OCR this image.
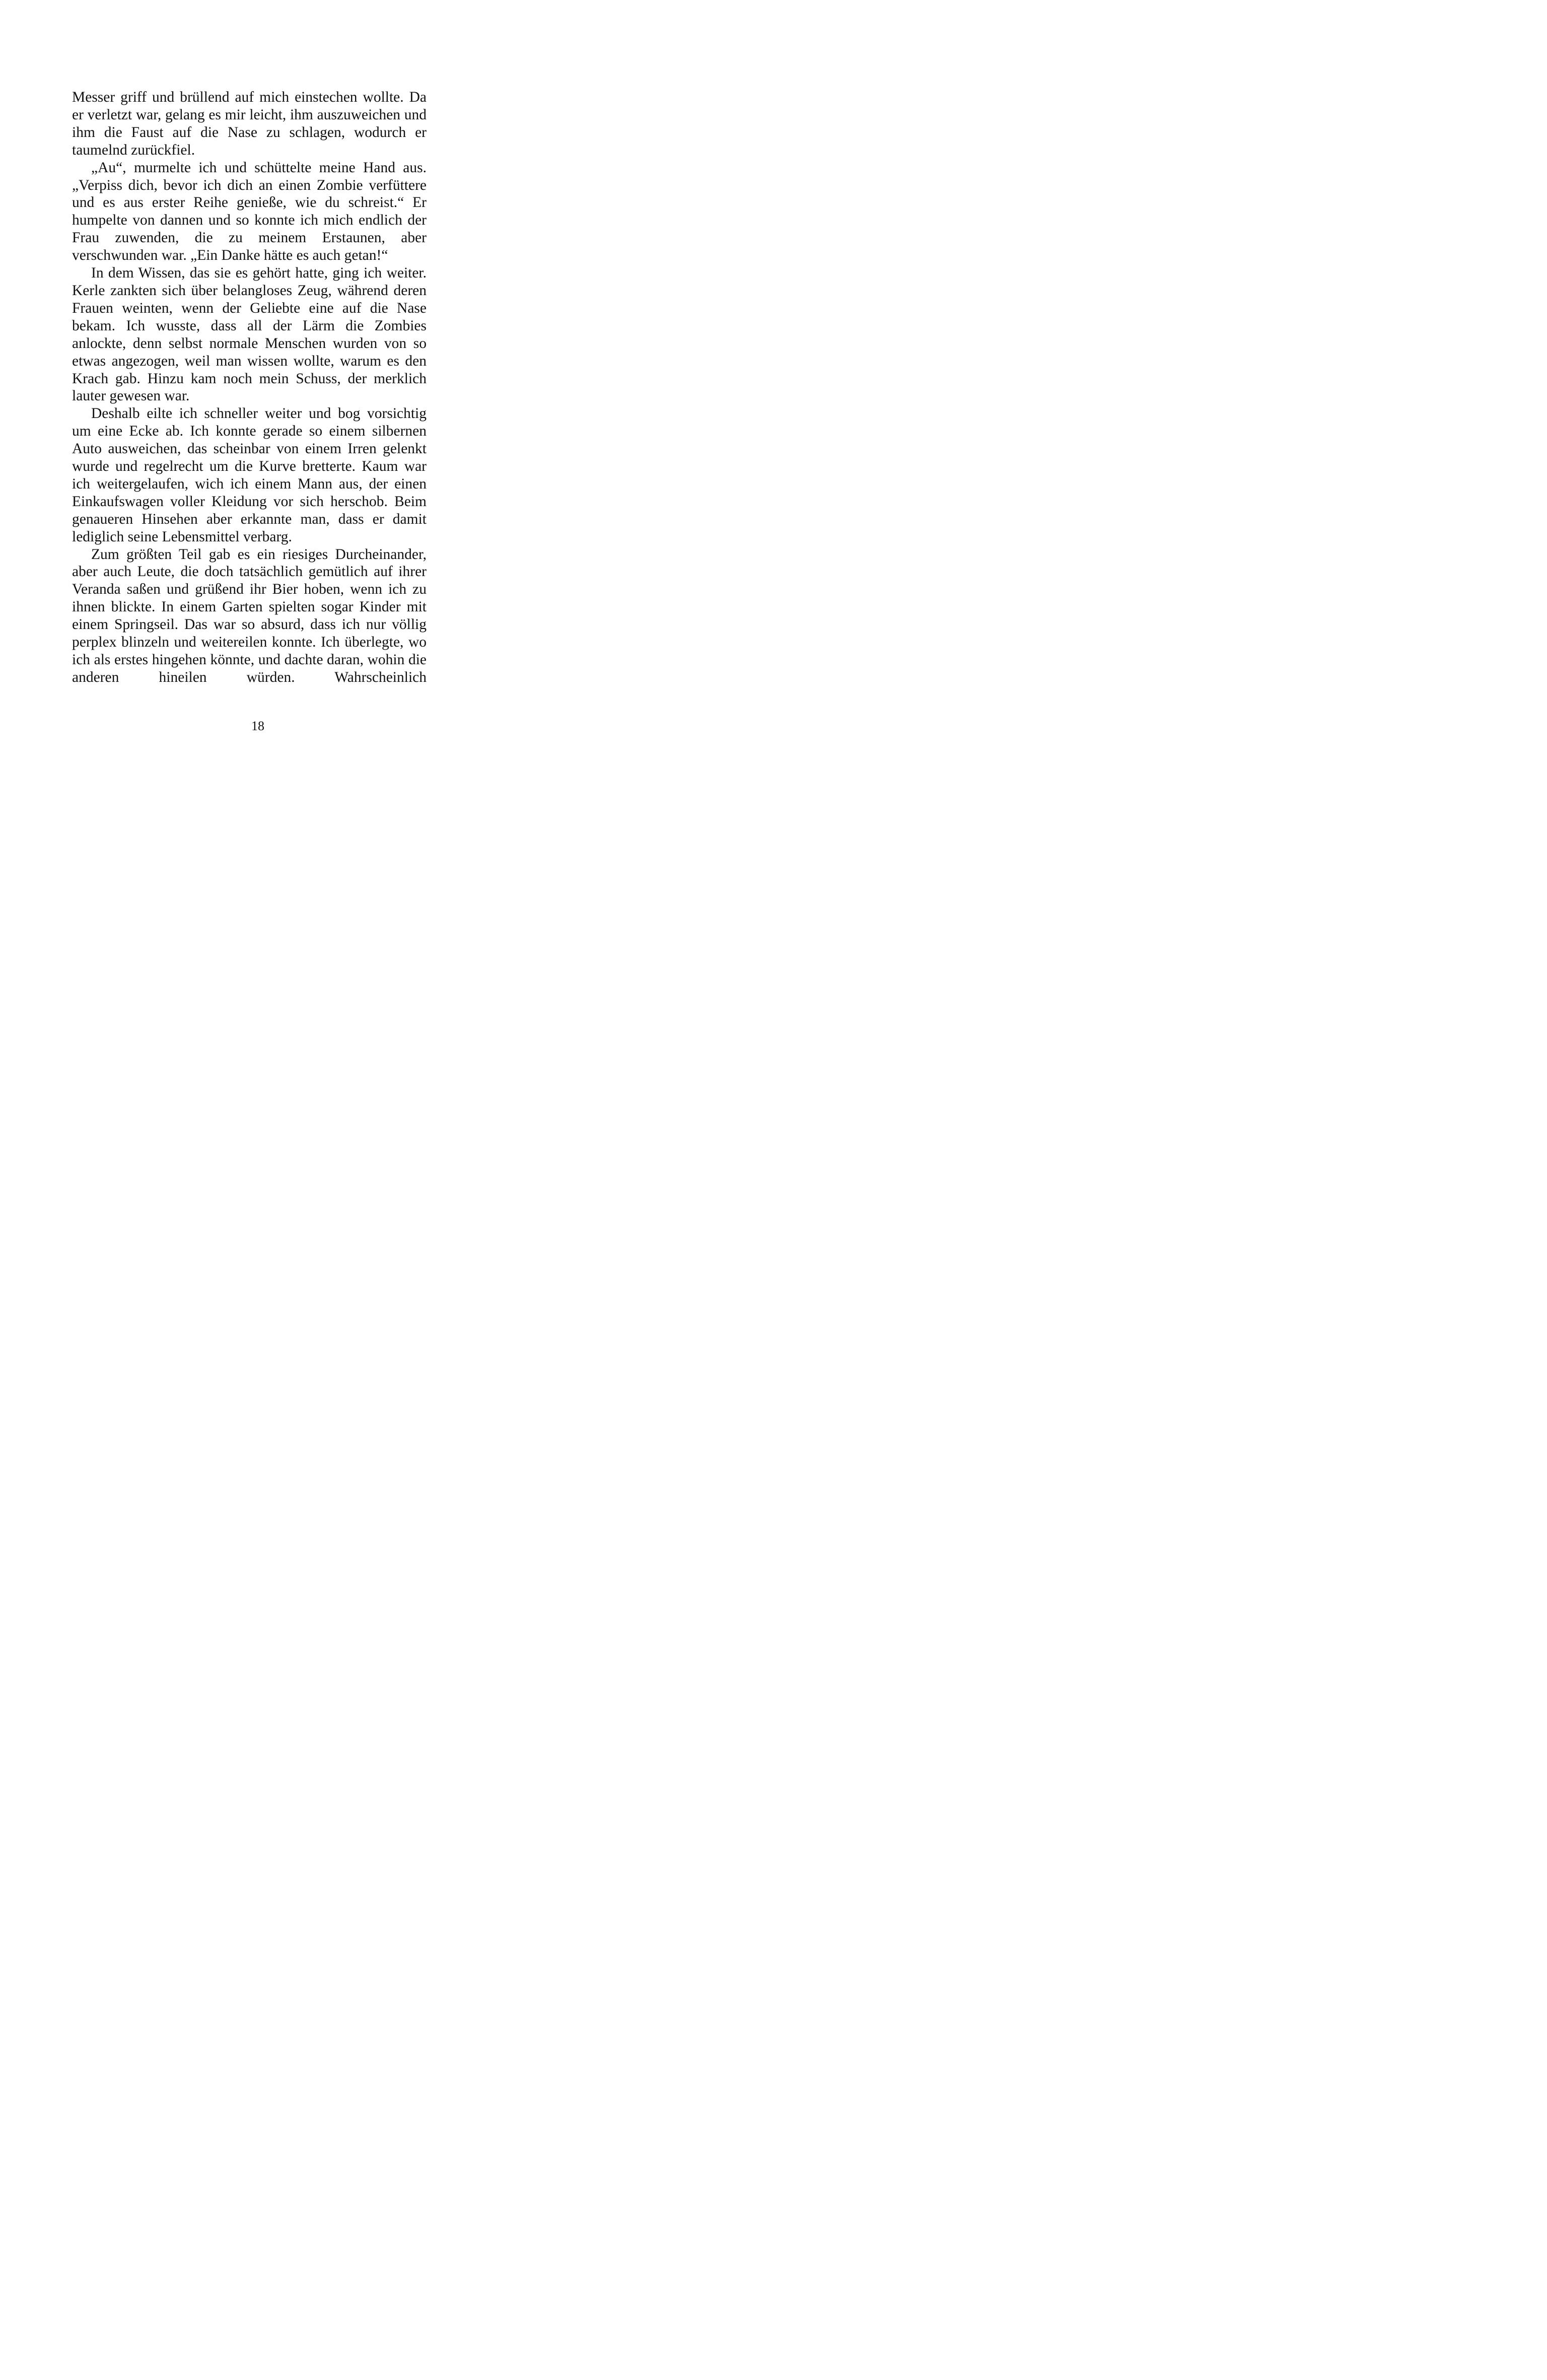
Messer griff und brüllend auf mich einstechen wollte. Da er verletzt war, gelang es mir leicht, ihm auszuweichen und ihm die Faust auf die Nase zu schlagen, wodurch er taumelnd zurückfiel.

„Au“, murmelte ich und schüttelte meine Hand aus. „Verpiss dich, bevor ich dich an einen Zombie verfüttere und es aus erster Reihe genieße, wie du schreist.“ Er humpelte von dannen und so konnte ich mich endlich der Frau zuwenden, die zu meinem Erstaunen, aber verschwunden war. „Ein Danke hätte es auch getan!“

In dem Wissen, das sie es gehört hatte, ging ich weiter. Kerle zankten sich über belangloses Zeug, während deren Frauen weinten, wenn der Geliebte eine auf die Nase bekam. Ich wusste, dass all der Lärm die Zombies anlockte, denn selbst normale Menschen wurden von so etwas angezogen, weil man wissen wollte, warum es den Krach gab. Hinzu kam noch mein Schuss, der merklich lauter gewesen war.

Deshalb eilte ich schneller weiter und bog vorsichtig um eine Ecke ab. Ich konnte gerade so einem silbernen Auto ausweichen, das scheinbar von einem Irren gelenkt wurde und regelrecht um die Kurve bretterte. Kaum war ich weitergelaufen, wich ich einem Mann aus, der einen Einkaufswagen voller Kleidung vor sich herschob. Beim genaueren Hinsehen aber erkannte man, dass er damit lediglich seine Lebensmittel verbarg.

Zum größten Teil gab es ein riesiges Durcheinander, aber auch Leute, die doch tatsächlich gemütlich auf ihrer Veranda saßen und grüßend ihr Bier hoben, wenn ich zu ihnen blickte. In einem Garten spielten sogar Kinder mit einem Springseil. Das war so absurd, dass ich nur völlig perplex blinzeln und weitereilen konnte. Ich überlegte, wo ich als erstes hingehen könnte, und dachte daran, wohin die anderen hineilen würden. Wahrscheinlich

18
